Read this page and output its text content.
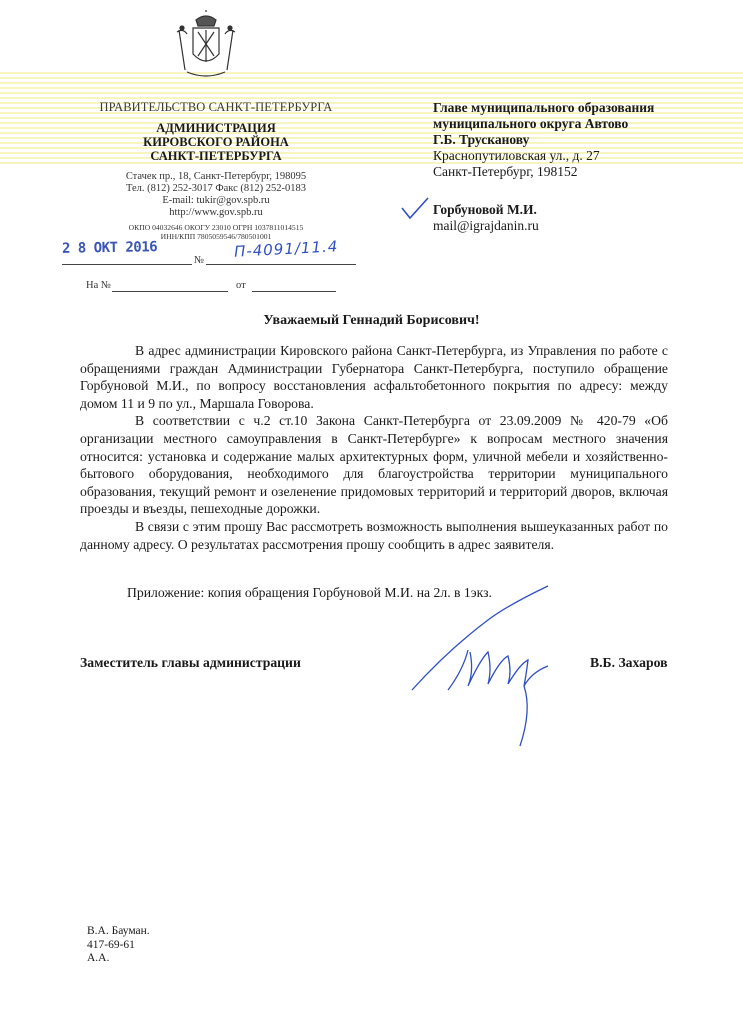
ПРАВИТЕЛЬСТВО САНКТ-ПЕТЕРБУРГА
АДМИНИСТРАЦИЯ
КИРОВСКОГО РАЙОНА
САНКТ-ПЕТЕРБУРГА
Стачек пр., 18, Санкт-Петербург, 198095
Тел. (812) 252-3017 Факс (812) 252-0183
E-mail: tukir@gov.spb.ru
http://www.gov.spb.ru
ОКПО 04032646 ОКОГУ 23010 ОГРН 1037811014515
ИНН/КПП 7805059546/780501001
2 8 ОКТ 2016	П-4091/11.4
№
На №	от
Главе муниципального образования
муниципального округа Автово
Г.Б. Трусканову
Краснопутиловская ул., д. 27
Санкт-Петербург, 198152
Горбуновой М.И.
mail@igrajdanin.ru
Уважаемый Геннадий Борисович!

В адрес администрации Кировского района Санкт-Петербурга, из Управления по работе с обращениями граждан Администрации Губернатора Санкт-Петербурга, поступило обращение Горбуновой М.И., по вопросу восстановления асфальтобетонного покрытия по адресу: между домом 11 и 9 по ул., Маршала Говорова.

В соответствии с ч.2 ст.10 Закона Санкт-Петербурга от 23.09.2009 № 420-79 «Об организации местного самоуправления в Санкт-Петербурге» к вопросам местного значения относится: установка и содержание малых архитектурных форм, уличной мебели и хозяйственно-бытового оборудования, необходимого для благоустройства территории муниципального образования, текущий ремонт и озеленение придомовых территорий и территорий дворов, включая проезды и въезды, пешеходные дорожки.

В связи с этим прошу Вас рассмотреть возможность выполнения вышеуказанных работ по данному адресу. О результатах рассмотрения прошу сообщить в адрес заявителя.

Приложение: копия обращения Горбуновой М.И. на 2л. в 1экз.
Заместитель главы администрации	В.Б. Захаров
В.А. Бауман.
417-69-61
А.А.
